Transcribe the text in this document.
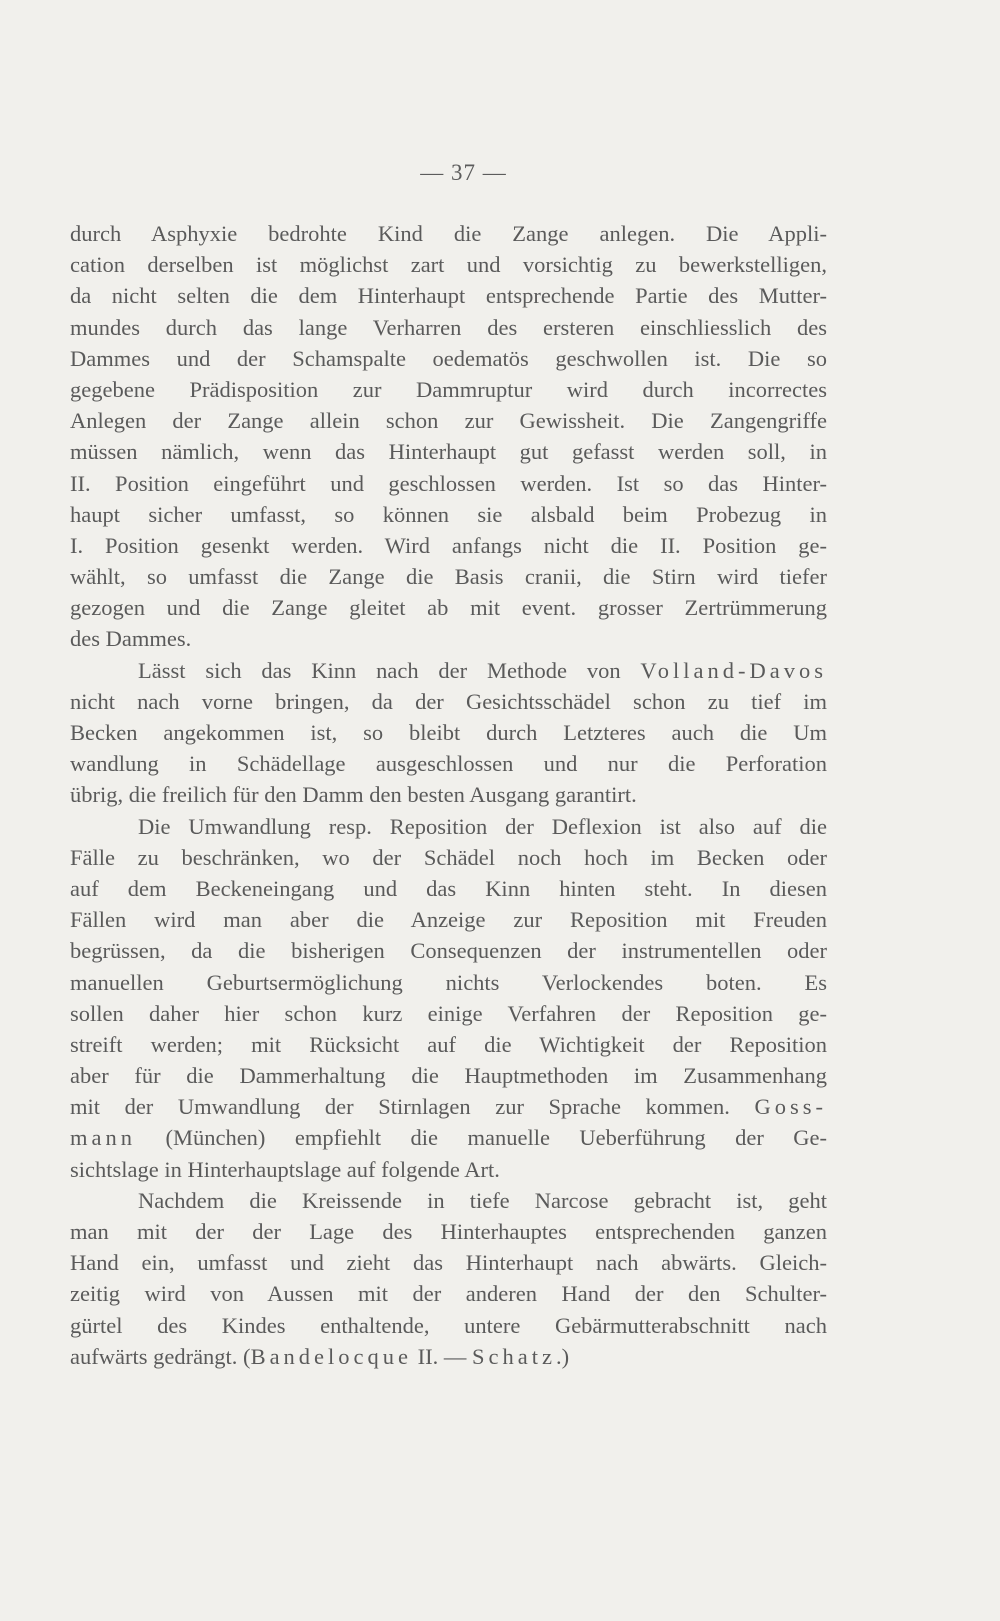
— 37 —
durch Asphyxie bedrohte Kind die Zange anlegen. Die Appli-
cation derselben ist möglichst zart und vorsichtig zu bewerkstelligen,
da nicht selten die dem Hinterhaupt entsprechende Partie des Mutter-
mundes durch das lange Verharren des ersteren einschliesslich des
Dammes und der Schamspalte oedematös geschwollen ist. Die so
gegebene Prädisposition zur Dammruptur wird durch incorrectes
Anlegen der Zange allein schon zur Gewissheit. Die Zangengriffe
müssen nämlich, wenn das Hinterhaupt gut gefasst werden soll, in
II. Position eingeführt und geschlossen werden. Ist so das Hinter-
haupt sicher umfasst, so können sie alsbald beim Probezug in
I. Position gesenkt werden. Wird anfangs nicht die II. Position ge-
wählt, so umfasst die Zange die Basis cranii, die Stirn wird tiefer
gezogen und die Zange gleitet ab mit event. grosser Zertrümmerung
des Dammes.
Lässt sich das Kinn nach der Methode von Volland-Davos
nicht nach vorne bringen, da der Gesichtsschädel schon zu tief im
Becken angekommen ist, so bleibt durch Letzteres auch die Um
wandlung in Schädellage ausgeschlossen und nur die Perforation
übrig, die freilich für den Damm den besten Ausgang garantirt.
Die Umwandlung resp. Reposition der Deflexion ist also auf die
Fälle zu beschränken, wo der Schädel noch hoch im Becken oder
auf dem Beckeneingang und das Kinn hinten steht. In diesen
Fällen wird man aber die Anzeige zur Reposition mit Freuden
begrüssen, da die bisherigen Consequenzen der instrumentellen oder
manuellen Geburtsermöglichung nichts Verlockendes boten. Es
sollen daher hier schon kurz einige Verfahren der Reposition ge-
streift werden; mit Rücksicht auf die Wichtigkeit der Reposition
aber für die Dammerhaltung die Hauptmethoden im Zusammenhang
mit der Umwandlung der Stirnlagen zur Sprache kommen. Goss-
mann (München) empfiehlt die manuelle Ueberführung der Ge-
sichtslage in Hinterhauptslage auf folgende Art.
Nachdem die Kreissende in tiefe Narcose gebracht ist, geht
man mit der der Lage des Hinterhauptes entsprechenden ganzen
Hand ein, umfasst und zieht das Hinterhaupt nach abwärts. Gleich-
zeitig wird von Aussen mit der anderen Hand der den Schulter-
gürtel des Kindes enthaltende, untere Gebärmutterabschnitt nach
aufwärts gedrängt. (Bandelocque II. — Schatz.)
